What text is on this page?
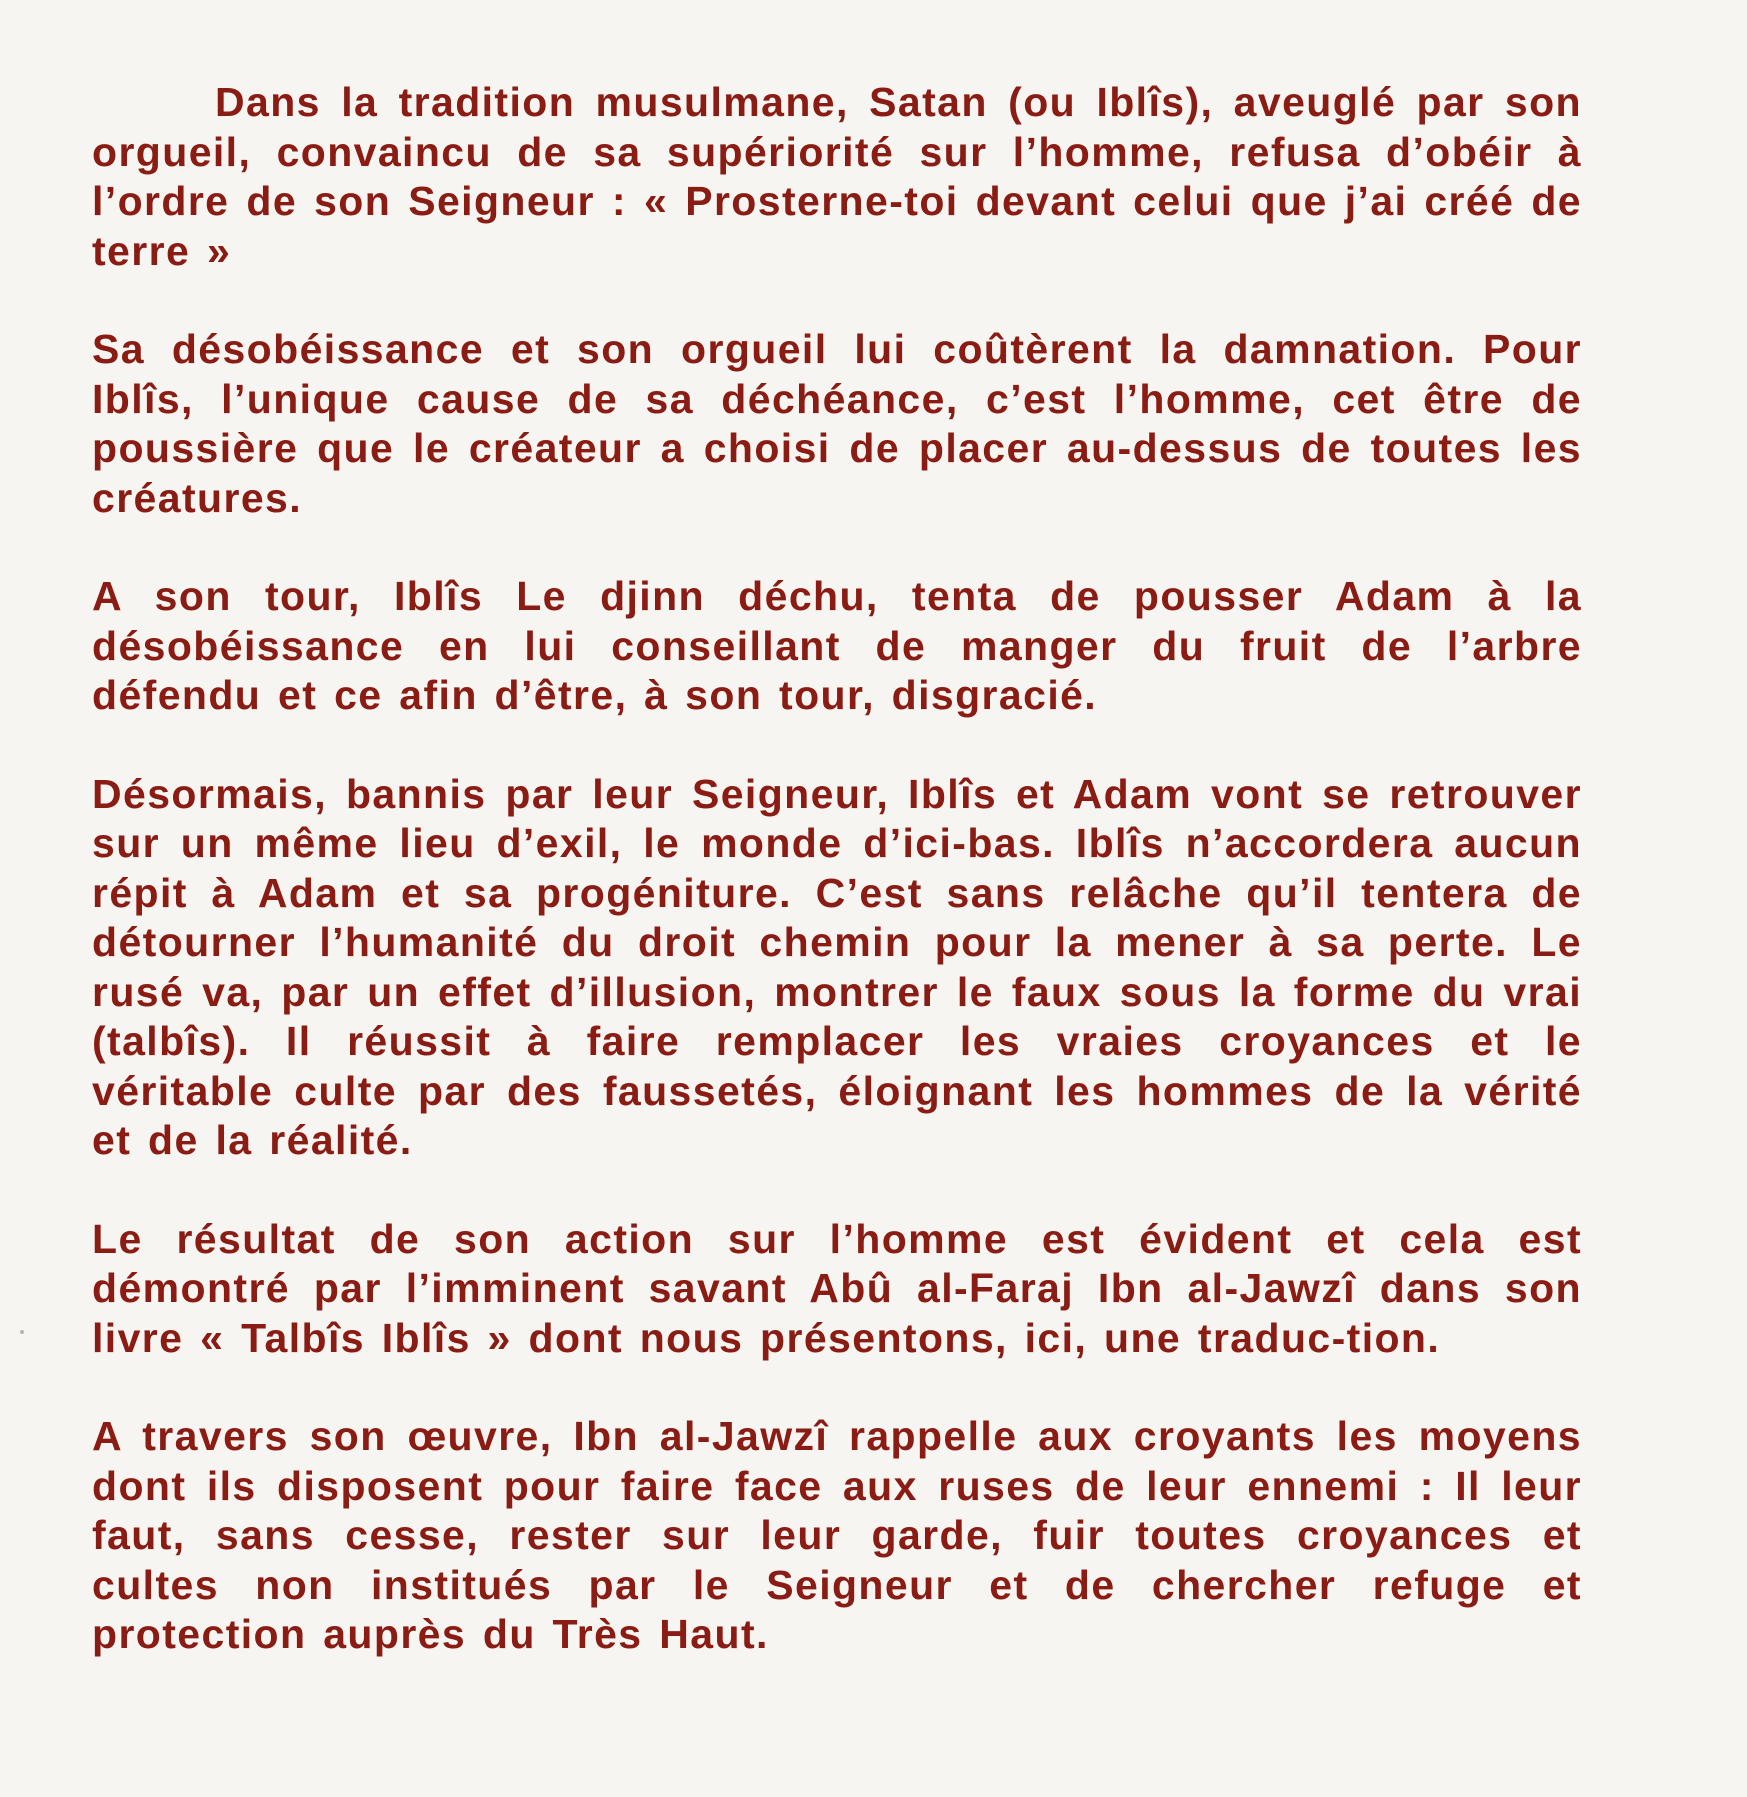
Dans la tradition musulmane, Satan (ou Iblîs), aveuglé par son orgueil, convaincu de sa supériorité sur l’homme, refusa d’obéir à l’ordre de son Seigneur : « Prosterne-toi devant celui que j’ai créé de terre »

Sa désobéissance et son orgueil lui coûtèrent la damnation. Pour Iblîs, l’unique cause de sa déchéance, c’est l’homme, cet être de poussière que le créateur a choisi de placer au-dessus de toutes les créatures.

A son tour, Iblîs Le djinn déchu, tenta de pousser Adam à la désobéissance en lui conseillant de manger du fruit de l’arbre défendu et ce afin d’être, à son tour, disgracié.

Désormais, bannis par leur Seigneur, Iblîs et Adam vont se retrouver sur un même lieu d’exil, le monde d’ici-bas. Iblîs n’accordera aucun répit à Adam et sa progéniture. C’est sans relâche qu’il tentera de détourner l’humanité du droit chemin pour la mener à sa perte. Le rusé va, par un effet d’illusion, montrer le faux sous la forme du vrai (talbîs). Il réussit à faire remplacer les vraies croyances et le véritable culte par des faussetés, éloignant les hommes de la vérité et de la réalité.

Le résultat de son action sur l’homme est évident et cela est démontré par l’imminent savant Abû al-Faraj Ibn al-Jawzî dans son livre « Talbîs Iblîs » dont nous présentons, ici, une traduc-tion.

A travers son œuvre, Ibn al-Jawzî rappelle aux croyants les moyens dont ils disposent pour faire face aux ruses de leur ennemi : Il leur faut, sans cesse, rester sur leur garde, fuir toutes croyances et cultes non institués par le Seigneur et de chercher refuge et protection auprès du Très Haut.
